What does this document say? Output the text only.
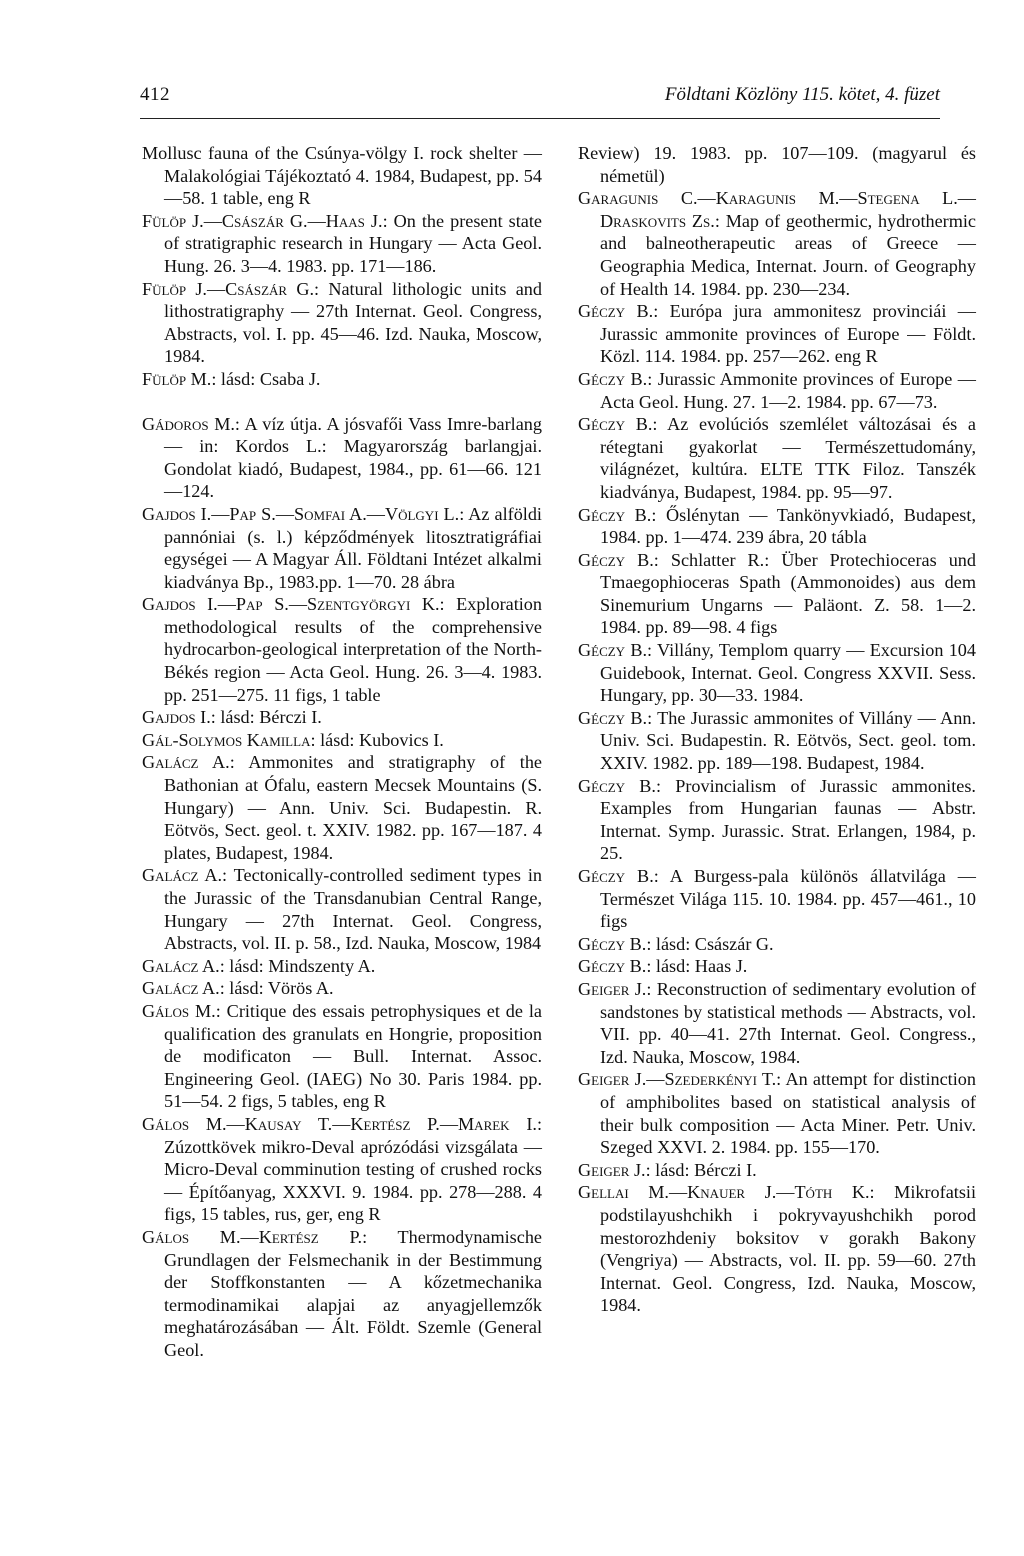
412	Földtani Közlöny 115. kötet, 4. füzet

Mollusc fauna of the Csúnya-völgy I. rock shelter — Malakológiai Tájékoztató 4. 1984, Budapest, pp. 54—58. 1 table, eng R

Fülöp J.—Császár G.—Haas J.: On the present state of stratigraphic research in Hungary — Acta Geol. Hung. 26. 3—4. 1983. pp. 171—186.

Fülöp J.—Császár G.: Natural lithologic units and lithostratigraphy — 27th Internat. Geol. Congress, Abstracts, vol. I. pp. 45—46. Izd. Nauka, Moscow, 1984.

Fülöp M.: lásd: Csaba J.

Gádoros M.: A víz útja. A jósvafői Vass Imre-barlang — in: Kordos L.: Magyarország barlangjai. Gondolat kiadó, Budapest, 1984., pp. 61—66. 121—124.

Gajdos I.—Pap S.—Somfai A.—Völgyi L.: Az alföldi pannóniai (s. l.) képződmények litosztratigráfiai egységei — A Magyar Áll. Földtani Intézet alkalmi kiadványa Bp., 1983.pp. 1—70. 28 ábra

Gajdos I.—Pap S.—Szentgyörgyi K.: Exploration methodological results of the comprehensive hydrocarbon-geological interpretation of the North-Békés region — Acta Geol. Hung. 26. 3—4. 1983. pp. 251—275. 11 figs, 1 table

Gajdos I.: lásd: Bérczi I.

Gál-Solymos Kamilla: lásd: Kubovics I.

Galácz A.: Ammonites and stratigraphy of the Bathonian at Ófalu, eastern Mecsek Mountains (S. Hungary) — Ann. Univ. Sci. Budapestin. R. Eötvös, Sect. geol. t. XXIV. 1982. pp. 167—187. 4 plates, Budapest, 1984.

Galácz A.: Tectonically-controlled sediment types in the Jurassic of the Transdanubian Central Range, Hungary — 27th Internat. Geol. Congress, Abstracts, vol. II. p. 58., Izd. Nauka, Moscow, 1984

Galácz A.: lásd: Mindszenty A.

Galácz A.: lásd: Vörös A.

Gálos M.: Critique des essais petrophysiques et de la qualification des granulats en Hongrie, proposition de modificaton — Bull. Internat. Assoc. Engineering Geol. (IAEG) No 30. Paris 1984. pp. 51—54. 2 figs, 5 tables, eng R

Gálos M.—Kausay T.—Kertész P.—Marek I.: Zúzottkövek mikro-Deval aprózódási vizsgálata — Micro-Deval comminution testing of crushed rocks — Építőanyag, XXXVI. 9. 1984. pp. 278—288. 4 figs, 15 tables, rus, ger, eng R

Gálos M.—Kertész P.: Thermodynamische Grundlagen der Felsmechanik in der Bestimmung der Stoffkonstanten — A kőzetmechanika termodinamikai alapjai az anyagjellemzők meghatározásában — Ált. Földt. Szemle (General Geol.

Review) 19. 1983. pp. 107—109. (magyarul és németül)

Garagunis C.—Karagunis M.—Stegena L.—Draskovits Zs.: Map of geothermic, hydrothermic and balneotherapeutic areas of Greece — Geographia Medica, Internat. Journ. of Geography of Health 14. 1984. pp. 230—234.

Géczy B.: Európa jura ammonitesz provinciái — Jurassic ammonite provinces of Europe — Földt. Közl. 114. 1984. pp. 257—262. eng R

Géczy B.: Jurassic Ammonite provinces of Europe — Acta Geol. Hung. 27. 1—2. 1984. pp. 67—73.

Géczy B.: Az evolúciós szemlélet változásai és a rétegtani gyakorlat — Természettudomány, világnézet, kultúra. ELTE TTK Filoz. Tanszék kiadványa, Budapest, 1984. pp. 95—97.

Géczy B.: Őslénytan — Tankönyvkiadó, Budapest, 1984. pp. 1—474. 239 ábra, 20 tábla

Géczy B.: Schlatter R.: Über Protechioceras und Tmaegophioceras Spath (Ammonoides) aus dem Sinemurium Ungarns — Paläont. Z. 58. 1—2. 1984. pp. 89—98. 4 figs

Géczy B.: Villány, Templom quarry — Excursion 104 Guidebook, Internat. Geol. Congress XXVII. Sess. Hungary, pp. 30—33. 1984.

Géczy B.: The Jurassic ammonites of Villány — Ann. Univ. Sci. Budapestin. R. Eötvös, Sect. geol. tom. XXIV. 1982. pp. 189—198. Budapest, 1984.

Géczy B.: Provincialism of Jurassic ammonites. Examples from Hungarian faunas — Abstr. Internat. Symp. Jurassic. Strat. Erlangen, 1984, p. 25.

Géczy B.: A Burgess-pala különös állatvilága — Természet Világa 115. 10. 1984. pp. 457—461., 10 figs

Géczy B.: lásd: Császár G.

Géczy B.: lásd: Haas J.

Geiger J.: Reconstruction of sedimentary evolution of sandstones by statistical methods — Abstracts, vol. VII. pp. 40—41. 27th Internat. Geol. Congress., Izd. Nauka, Moscow, 1984.

Geiger J.—Szederkényi T.: An attempt for distinction of amphibolites based on statistical analysis of their bulk composition — Acta Miner. Petr. Univ. Szeged XXVI. 2. 1984. pp. 155—170.

Geiger J.: lásd: Bérczi I.

Gellai M.—Knauer J.—Tóth K.: Mikrofatsii podstilayushchikh i pokryvayushchikh porod mestorozhdeniy boksitov v gorakh Bakony (Vengriya) — Abstracts, vol. II. pp. 59—60. 27th Internat. Geol. Congress, Izd. Nauka, Moscow, 1984.
